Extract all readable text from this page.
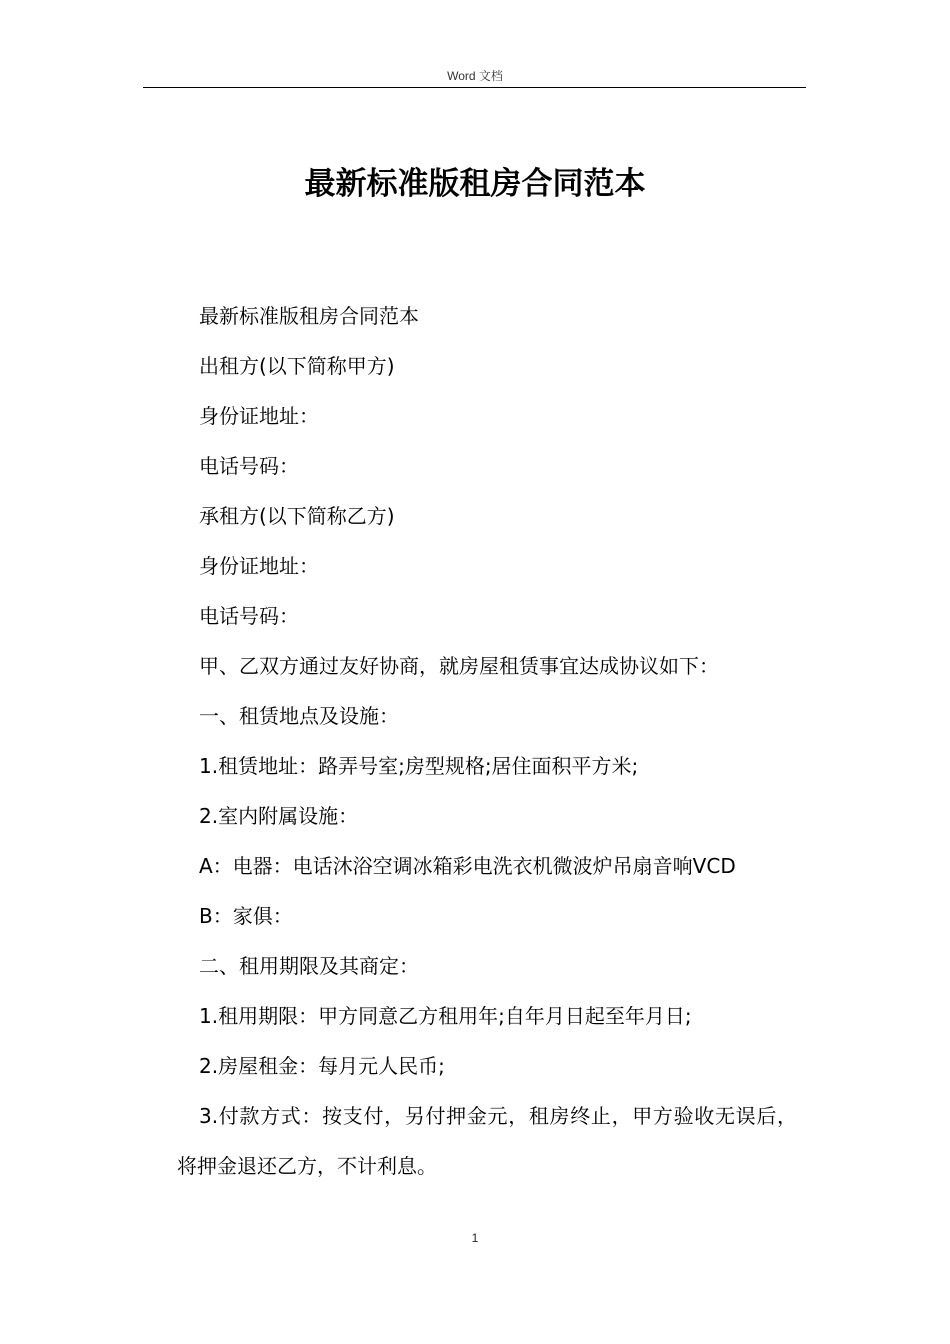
Word 文档
最新标准版租房合同范本
最新标准版租房合同范本
出租方(以下简称甲方)
身份证地址：
电话号码：
承租方(以下简称乙方)
身份证地址：
电话号码：
甲、乙双方通过友好协商，就房屋租赁事宜达成协议如下：
一、租赁地点及设施：
1.租赁地址：路弄号室;房型规格;居住面积平方米;
2.室内附属设施：
A：电器：电话沐浴空调冰箱彩电洗衣机微波炉吊扇音响VCD
B：家俱：
二、租用期限及其商定：
1.租用期限：甲方同意乙方租用年;自年月日起至年月日;
2.房屋租金：每月元人民币;
3.付款方式：按支付，另付押金元，租房终止，甲方验收无误后，将押金退还乙方，不计利息。
1
